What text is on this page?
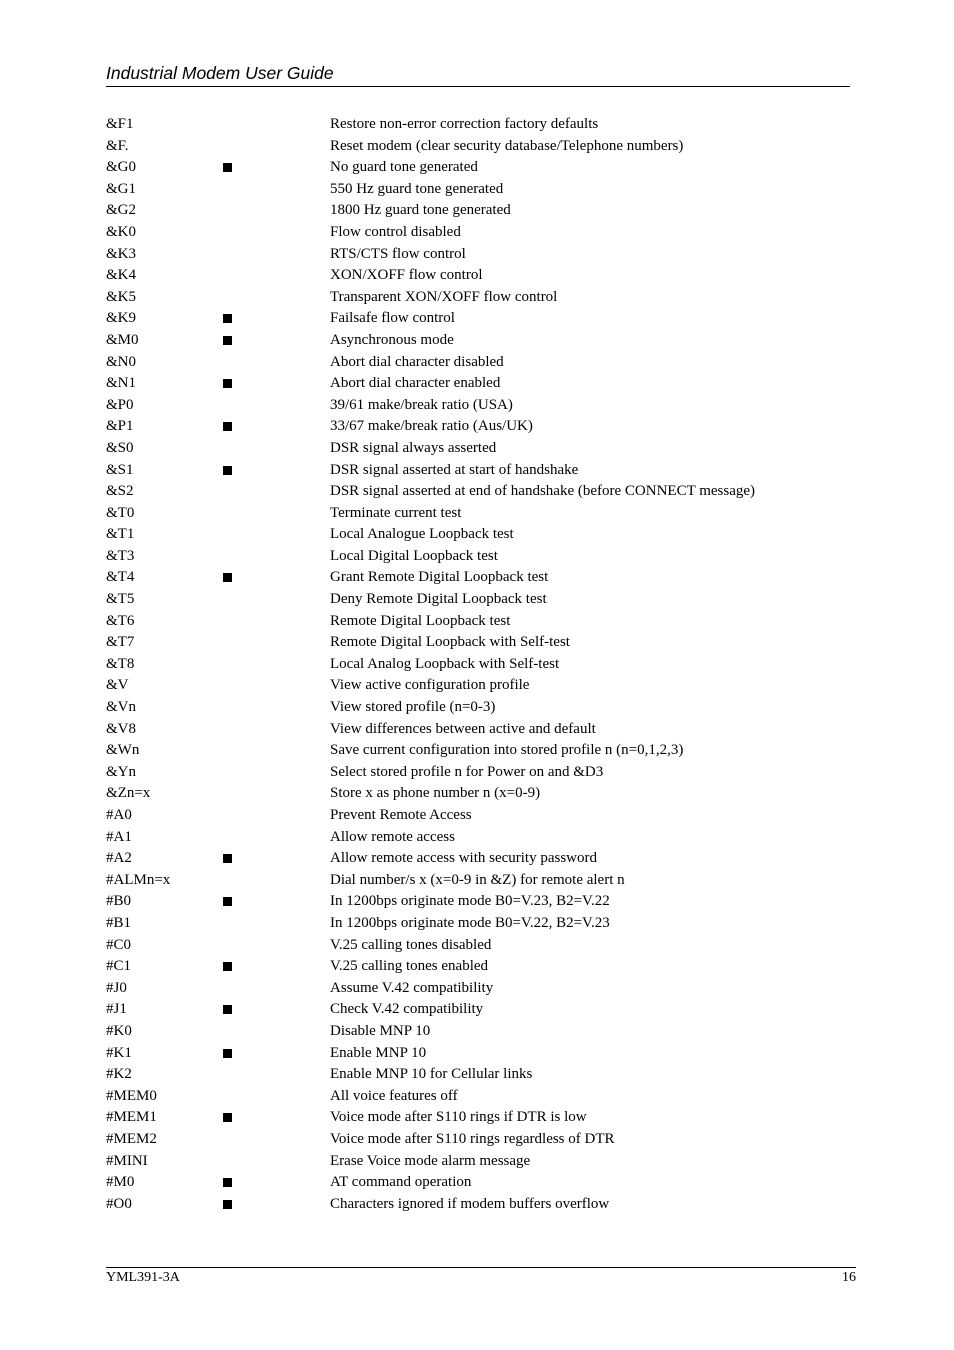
Industrial Modem User Guide
&F1	Restore non-error correction factory defaults
&F.	Reset modem (clear security database/Telephone numbers)
&G0	No guard tone generated
&G1	550 Hz guard tone generated
&G2	1800 Hz guard tone generated
&K0	Flow control disabled
&K3	RTS/CTS flow control
&K4	XON/XOFF flow control
&K5	Transparent XON/XOFF flow control
&K9	Failsafe flow control
&M0	Asynchronous mode
&N0	Abort dial character disabled
&N1	Abort dial character enabled
&P0	39/61 make/break ratio (USA)
&P1	33/67 make/break ratio (Aus/UK)
&S0	DSR signal always asserted
&S1	DSR signal asserted at start of handshake
&S2	DSR signal asserted at end of handshake (before CONNECT message)
&T0	Terminate current test
&T1	Local Analogue Loopback test
&T3	Local Digital Loopback test
&T4	Grant Remote Digital Loopback test
&T5	Deny Remote Digital Loopback test
&T6	Remote Digital Loopback test
&T7	Remote Digital Loopback with Self-test
&T8	Local Analog Loopback with Self-test
&V	View active configuration profile
&Vn	View stored profile (n=0-3)
&V8	View differences between active and default
&Wn	Save current configuration into stored profile n (n=0,1,2,3)
&Yn	Select stored profile n for Power on and &D3
&Zn=x	Store x as phone number n (x=0-9)
#A0	Prevent Remote Access
#A1	Allow remote access
#A2	Allow remote access with security password
#ALMn=x	Dial number/s x (x=0-9 in &Z) for remote alert n
#B0	In 1200bps originate mode B0=V.23, B2=V.22
#B1	In 1200bps originate mode B0=V.22, B2=V.23
#C0	V.25 calling tones disabled
#C1	V.25 calling tones enabled
#J0	Assume V.42 compatibility
#J1	Check V.42 compatibility
#K0	Disable MNP 10
#K1	Enable MNP 10
#K2	Enable MNP 10 for Cellular links
#MEM0	All voice features off
#MEM1	Voice mode after S110 rings if DTR is low
#MEM2	Voice mode after S110 rings regardless of DTR
#MINI	Erase Voice mode alarm message
#M0	AT command operation
#O0	Characters ignored if modem buffers overflow
YML391-3A	16
